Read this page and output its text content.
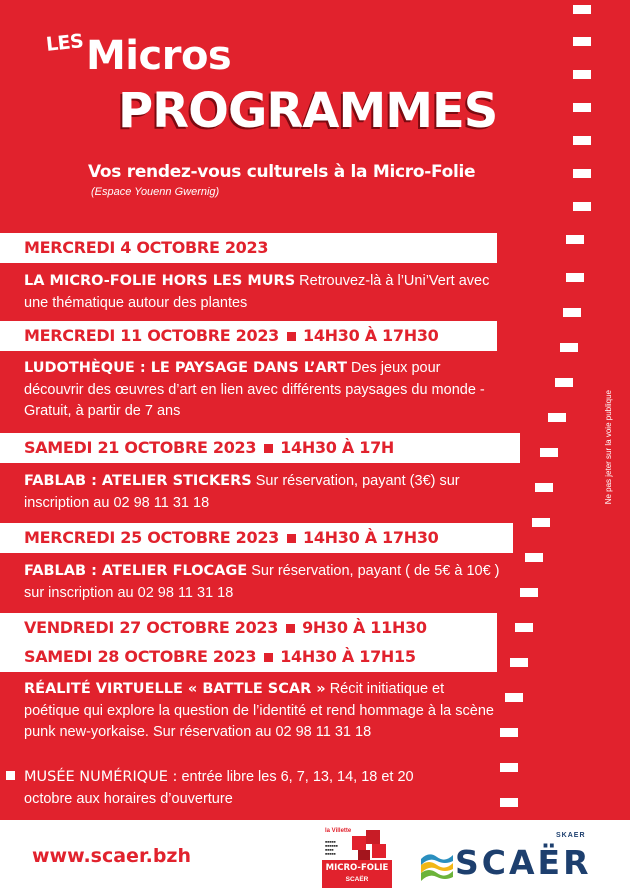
LES Micros
PROGRAMMES
Vos rendez-vous culturels à la Micro-Folie
(Espace Youenn Gwernig)
MERCREDI 4 OCTOBRE 2023
LA MICRO-FOLIE HORS LES MURS Retrouvez-là à l’Uni’Vert avec une thématique autour des plantes
MERCREDI 11 OCTOBRE 2023 14H30 À 17H30
LUDOTHÈQUE : LE PAYSAGE DANS L’ART Des jeux pour découvrir des œuvres d’art en lien avec différents paysages du monde - Gratuit, à partir de 7 ans
SAMEDI 21 OCTOBRE 2023 14H30 À 17H
FABLAB : ATELIER STICKERS Sur réservation, payant (3€) sur inscription au 02 98 11 31 18
MERCREDI 25 OCTOBRE 2023 14H30 À 17H30
FABLAB : ATELIER FLOCAGE Sur réservation, payant ( de 5€ à 10€ ) sur inscription au 02 98 11 31 18
VENDREDI 27 OCTOBRE 2023 9H30 À 11H30
SAMEDI 28 OCTOBRE 2023 14H30 À 17H15
RÉALITÉ VIRTUELLE « BATTLE SCAR » Récit initiatique et poétique qui explore la question de l’identité et rend hommage à la scène punk new-yorkaise. Sur réservation au 02 98 11 31 18
MUSÉE NUMÉRIQUE : entrée libre les 6, 7, 13, 14, 18 et 20 octobre aux horaires d’ouverture
Ne pas jeter sur la voie publique
www.scaer.bzh
la Villette
■■■■■
■■■■■■
■■■■
■■■■■
MICRO-FOLIE
SCAËR	SCAËR
SKAER
